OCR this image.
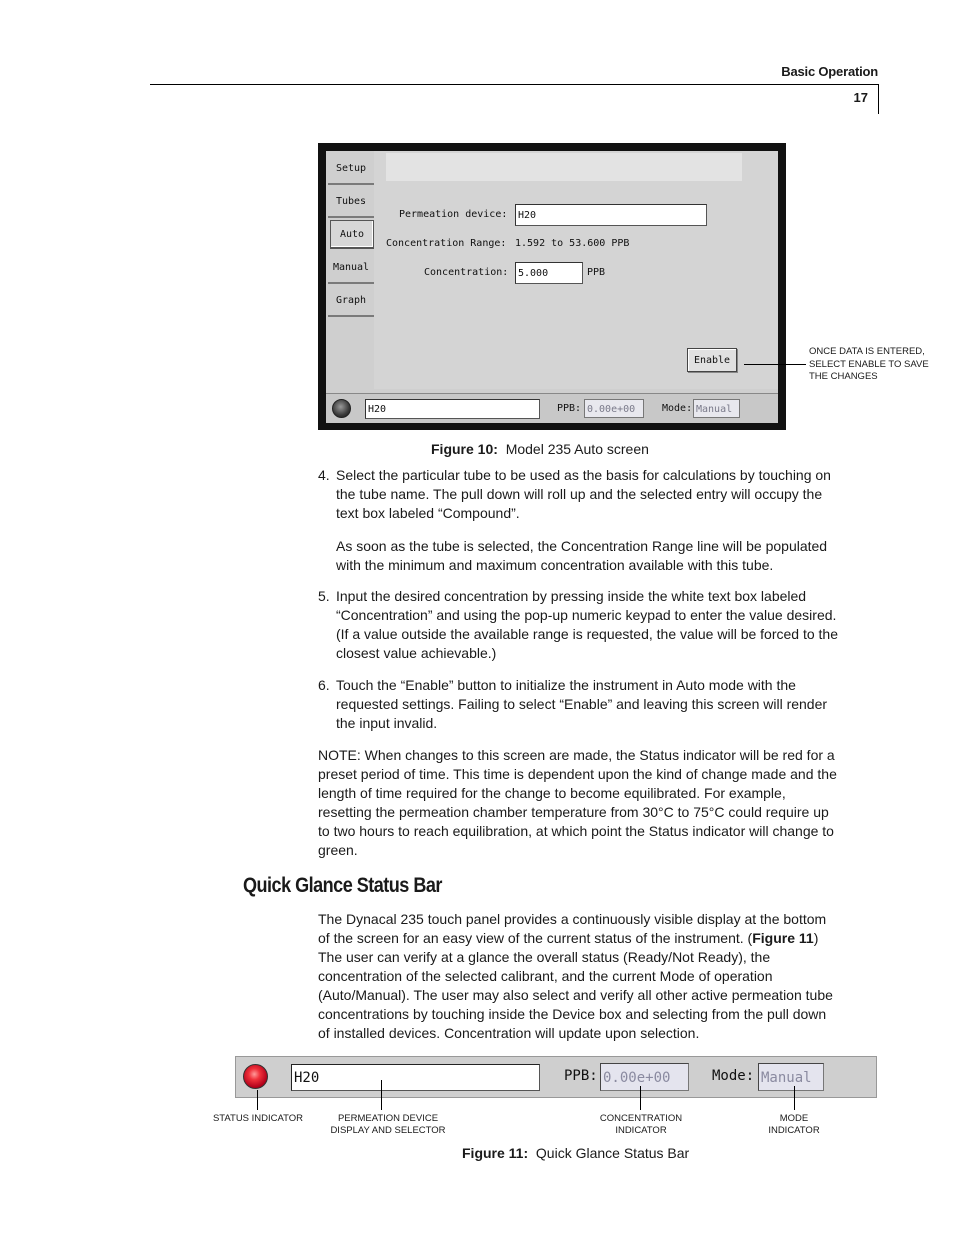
Basic Operation
17
Setup
Tubes
Auto
Manual
Graph
Permeation device:	H20
Concentration Range: 1.592 to 53.600 PPB
Concentration: 5.000	PPB
Enable
H20	PPB: 0.00e+00	Mode: Manual
ONCE DATA IS ENTERED, SELECT ENABLE TO SAVE THE CHANGES
Figure 10: Model 235 Auto screen
4. Select the particular tube to be used as the basis for calculations by touching on the tube name. The pull down will roll up and the selected entry will occupy the text box labeled “Compound”.
As soon as the tube is selected, the Concentration Range line will be populated with the minimum and maximum concentration available with this tube.
5. Input the desired concentration by pressing inside the white text box labeled “Concentration” and using the pop-up numeric keypad to enter the value desired. (If a value outside the available range is requested, the value will be forced to the closest value achievable.)
6. Touch the “Enable” button to initialize the instrument in Auto mode with the requested settings. Failing to select “Enable” and leaving this screen will render the input invalid.
NOTE: When changes to this screen are made, the Status indicator will be red for a preset period of time. This time is dependent upon the kind of change made and the length of time required for the change to become equilibrated. For example, resetting the permeation chamber temperature from 30°C to 75°C could require up to two hours to reach equilibration, at which point the Status indicator will change to green.
Quick Glance Status Bar
The Dynacal 235 touch panel provides a continuously visible display at the bottom of the screen for an easy view of the current status of the instrument. (Figure 11) The user can verify at a glance the overall status (Ready/Not Ready), the concentration of the selected calibrant, and the current Mode of operation (Auto/Manual). The user may also select and verify all other active permeation tube concentrations by touching inside the Device box and selecting from the pull down of installed devices. Concentration will update upon selection.
H20	PPB: 0.00e+00	Mode: Manual
STATUS INDICATOR	PERMEATION DEVICE DISPLAY AND SELECTOR
CONCENTRATION INDICATOR
MODE INDICATOR
Figure 11: Quick Glance Status Bar
